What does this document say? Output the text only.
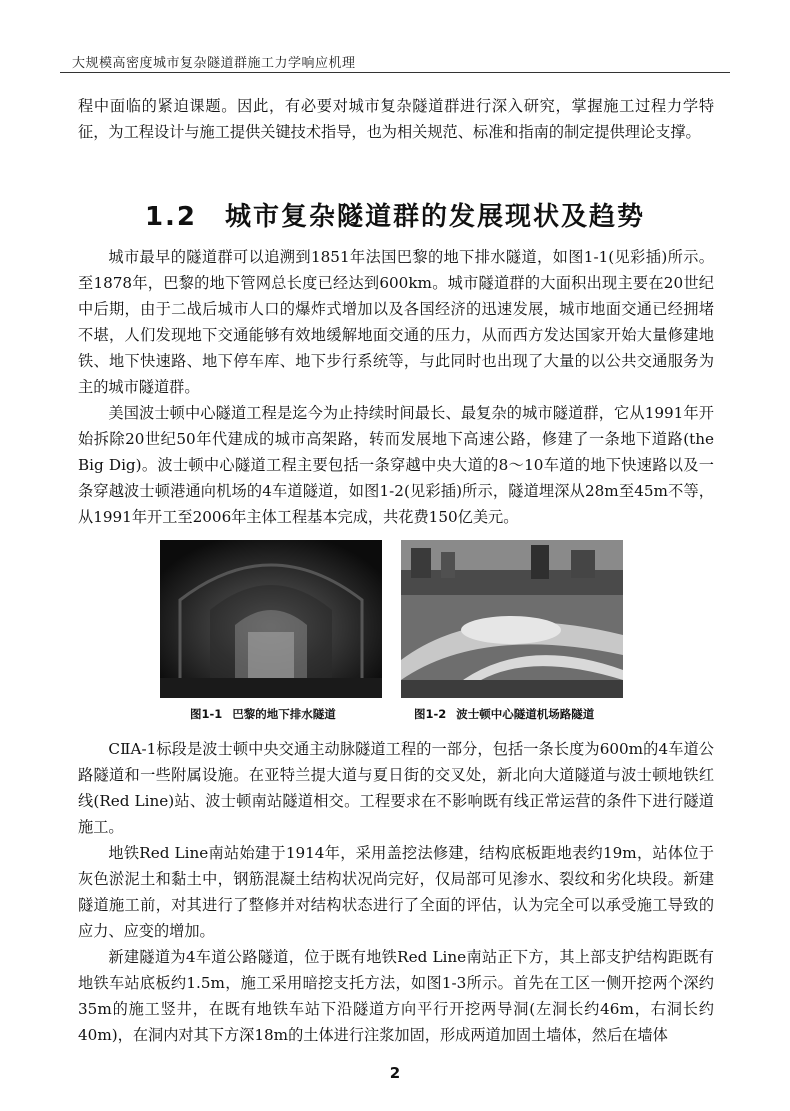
大规模高密度城市复杂隧道群施工力学响应机理

程中面临的紧迫课题。因此，有必要对城市复杂隧道群进行深入研究，掌握施工过程力学特征，为工程设计与施工提供关键技术指导，也为相关规范、标准和指南的制定提供理论支撑。

1.2 城市复杂隧道群的发展现状及趋势

城市最早的隧道群可以追溯到1851年法国巴黎的地下排水隧道，如图1-1(见彩插)所示。至1878年，巴黎的地下管网总长度已经达到600km。城市隧道群的大面积出现主要在20世纪中后期，由于二战后城市人口的爆炸式增加以及各国经济的迅速发展，城市地面交通已经拥堵不堪，人们发现地下交通能够有效地缓解地面交通的压力，从而西方发达国家开始大量修建地铁、地下快速路、地下停车库、地下步行系统等，与此同时也出现了大量的以公共交通服务为主的城市隧道群。

美国波士顿中心隧道工程是迄今为止持续时间最长、最复杂的城市隧道群，它从1991年开始拆除20世纪50年代建成的城市高架路，转而发展地下高速公路，修建了一条地下道路(the Big Dig)。波士顿中心隧道工程主要包括一条穿越中央大道的8～10车道的地下快速路以及一条穿越波士顿港通向机场的4车道隧道，如图1-2(见彩插)所示，隧道埋深从28m至45m不等，从1991年开工至2006年主体工程基本完成，共花费150亿美元。

图1-1 巴黎的地下排水隧道	图1-2 波士顿中心隧道机场路隧道

CⅡA-1标段是波士顿中央交通主动脉隧道工程的一部分，包括一条长度为600m的4车道公路隧道和一些附属设施。在亚特兰提大道与夏日街的交叉处，新北向大道隧道与波士顿地铁红线(Red Line)站、波士顿南站隧道相交。工程要求在不影响既有线正常运营的条件下进行隧道施工。

地铁Red Line南站始建于1914年，采用盖挖法修建，结构底板距地表约19m，站体位于灰色淤泥土和黏土中，钢筋混凝土结构状况尚完好，仅局部可见渗水、裂纹和劣化块段。新建隧道施工前，对其进行了整修并对结构状态进行了全面的评估，认为完全可以承受施工导致的应力、应变的增加。

新建隧道为4车道公路隧道，位于既有地铁Red Line南站正下方，其上部支护结构距既有地铁车站底板约1.5m，施工采用暗挖支托方法，如图1-3所示。首先在工区一侧开挖两个深约35m的施工竖井，在既有地铁车站下沿隧道方向平行开挖两导洞(左洞长约46m，右洞长约40m)，在洞内对其下方深18m的土体进行注浆加固，形成两道加固土墙体，然后在墙体

2
